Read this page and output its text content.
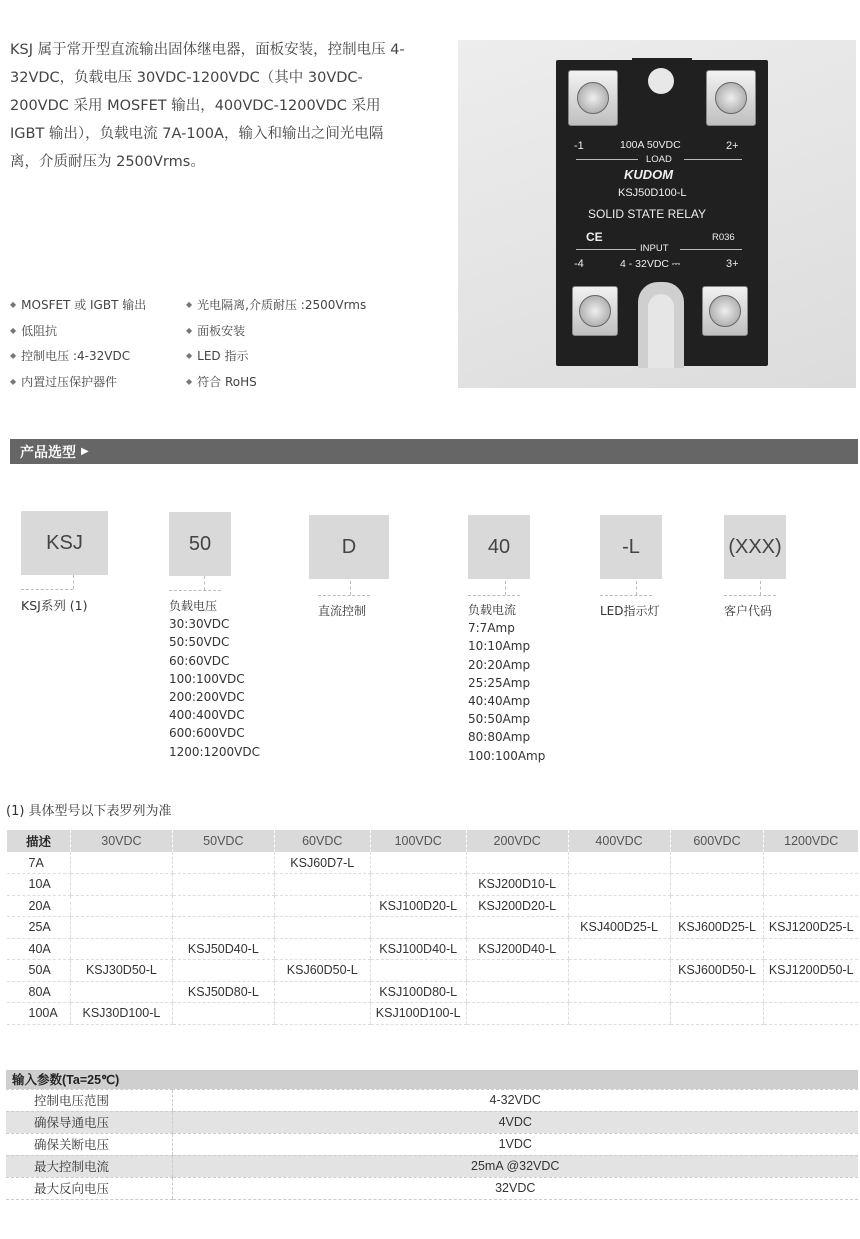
KSJ 属于常开型直流输出固体继电器，面板安装，控制电压 4-32VDC，负载电压 30VDC-1200VDC（其中 30VDC-200VDC 采用 MOSFET 输出，400VDC-1200VDC 采用 IGBT 输出），负载电流 7A-100A，输入和输出之间光电隔离，介质耐压为 2500Vrms。
◆ MOSFET 或 IGBT 输出	◆ 光电隔离,介质耐压 :2500Vrms
◆ 低阻抗	◆ 面板安装
◆ 控制电压 :4-32VDC	◆ LED 指示
◆ 内置过压保护器件	◆ 符合 RoHS
-1	2+
100A 50VDC
LOAD
KUDOM
KSJ50D100-L
SOLID STATE RELAY
CE	R036
INPUT
-4	4 - 32VDC ⎓	3+
产品选型 ▶
KSJ
KSJ系列 (1)
50
负载电压
30:30VDC
50:50VDC
60:60VDC
100:100VDC
200:200VDC
400:400VDC
600:600VDC
1200:1200VDC
D
直流控制
40
负载电流
7:7Amp
10:10Amp
20:20Amp
25:25Amp
40:40Amp
50:50Amp
80:80Amp
100:100Amp
-L
LED指示灯
(XXX)
客户代码
(1) 具体型号以下表罗列为准
描述	30VDC	50VDC	60VDC	100VDC	200VDC	400VDC	600VDC	1200VDC
7A			KSJ60D7-L					
10A					KSJ200D10-L			
20A				KSJ100D20-L	KSJ200D20-L			
25A						KSJ400D25-L	KSJ600D25-L	KSJ1200D25-L
40A		KSJ50D40-L		KSJ100D40-L	KSJ200D40-L			
50A	KSJ30D50-L		KSJ60D50-L				KSJ600D50-L	KSJ1200D50-L
80A		KSJ50D80-L		KSJ100D80-L				
100A	KSJ30D100-L			KSJ100D100-L				
输入参数(Ta=25℃)	
控制电压范围	4-32VDC
确保导通电压	4VDC
确保关断电压	1VDC
最大控制电流	25mA @32VDC
最大反向电压	32VDC
